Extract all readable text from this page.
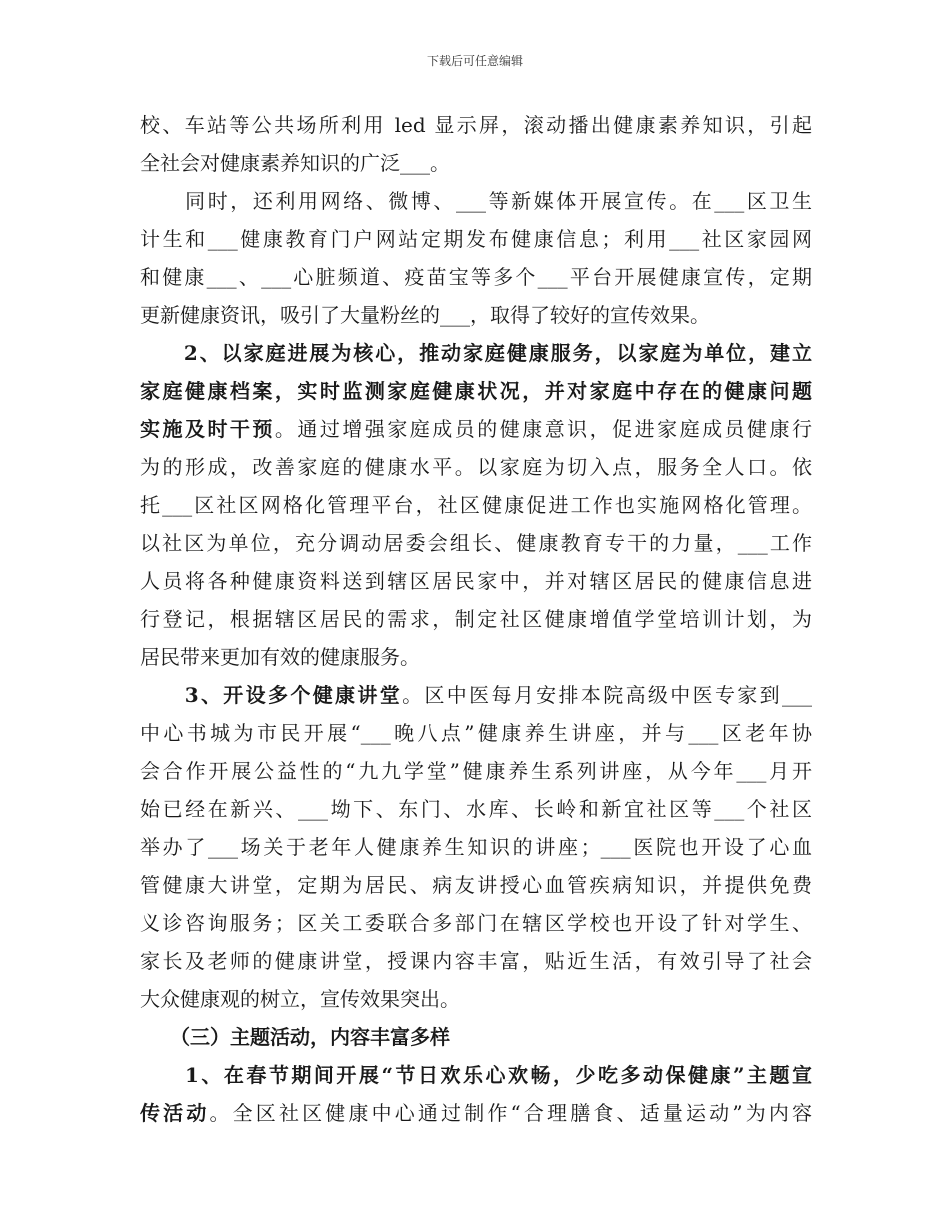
下载后可任意编辑
校、车站等公共场所利用 led 显示屏，滚动播出健康素养知识，引起
全社会对健康素养知识的广泛___。
　　同时，还利用网络、微博、___等新媒体开展宣传。在___区卫生
计生和___健康教育门户网站定期发布健康信息；利用___社区家园网
和健康___、___心脏频道、疫苗宝等多个___平台开展健康宣传，定期
更新健康资讯，吸引了大量粉丝的___，取得了较好的宣传效果。
　　2、以家庭进展为核心，推动家庭健康服务，以家庭为单位，建立
家庭健康档案，实时监测家庭健康状况，并对家庭中存在的健康问题
实施及时干预。通过增强家庭成员的健康意识，促进家庭成员健康行
为的形成，改善家庭的健康水平。以家庭为切入点，服务全人口。依
托___区社区网格化管理平台，社区健康促进工作也实施网格化管理。
以社区为单位，充分调动居委会组长、健康教育专干的力量，___工作
人员将各种健康资料送到辖区居民家中，并对辖区居民的健康信息进
行登记，根据辖区居民的需求，制定社区健康增值学堂培训计划，为
居民带来更加有效的健康服务。
　　3、开设多个健康讲堂。区中医每月安排本院高级中医专家到___
中心书城为市民开展“___晚八点”健康养生讲座，并与___区老年协
会合作开展公益性的“九九学堂”健康养生系列讲座，从今年___月开
始已经在新兴、___坳下、东门、水库、长岭和新宜社区等___个社区
举办了___场关于老年人健康养生知识的讲座；___医院也开设了心血
管健康大讲堂，定期为居民、病友讲授心血管疾病知识，并提供免费
义诊咨询服务；区关工委联合多部门在辖区学校也开设了针对学生、
家长及老师的健康讲堂，授课内容丰富，贴近生活，有效引导了社会
大众健康观的树立，宣传效果突出。
　　（三）主题活动，内容丰富多样
　　1、在春节期间开展“节日欢乐心欢畅，少吃多动保健康”主题宣
传活动。全区社区健康中心通过制作“合理膳食、适量运动”为内容
